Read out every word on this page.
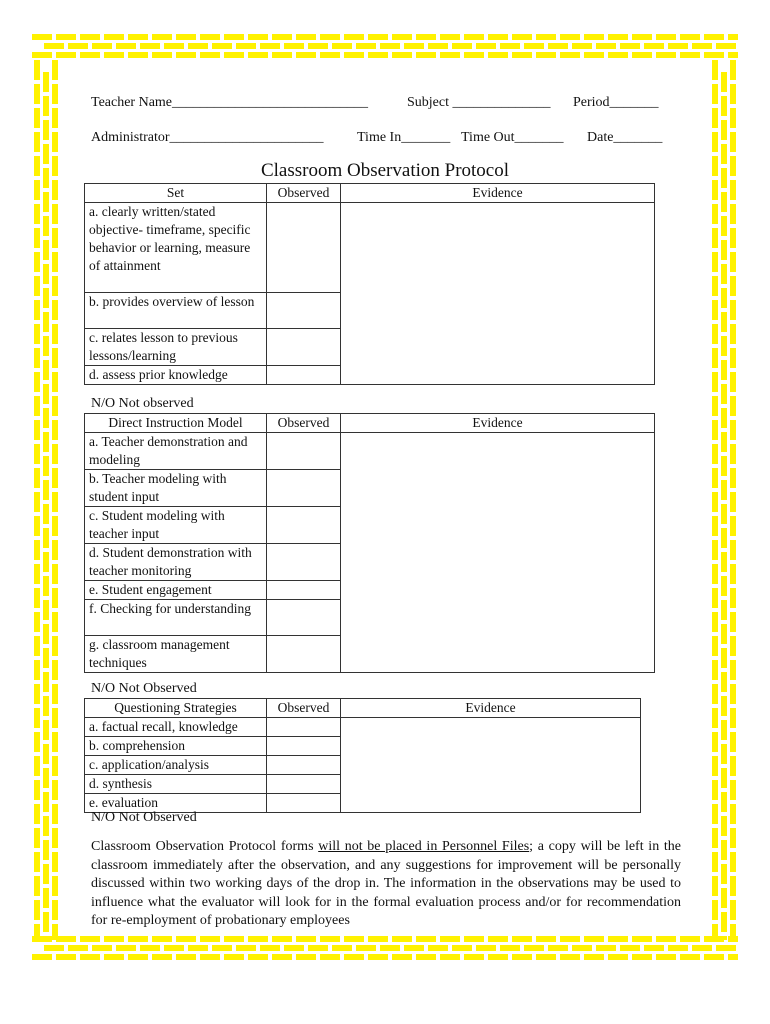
Teacher Name____________________________	Subject ______________ Period_______
Administrator______________________ Time In_______ Time Out_______ Date_______
Classroom Observation Protocol
Set	Observed	Evidence
a. clearly written/stated objective- timeframe, specific behavior or learning, measure of attainment		
b. provides overview of lesson		
c. relates lesson to previous lessons/learning		
d. assess prior knowledge		
N/O Not observed
Direct Instruction Model	Observed	Evidence
a. Teacher demonstration and modeling		
b. Teacher modeling with student input		
c. Student modeling with teacher input		
d. Student demonstration with teacher monitoring		
e. Student engagement		
f. Checking for understanding		
g. classroom management techniques		
N/O Not Observed
Questioning Strategies	Observed	Evidence
a. factual recall, knowledge		
b. comprehension		
c. application/analysis		
d. synthesis		
e. evaluation		
N/O Not Observed
Classroom Observation Protocol forms will not be placed in Personnel Files; a copy will be left in the classroom immediately after the observation, and any suggestions for improvement will be personally discussed within two working days of the drop in. The information in the observations may be used to influence what the evaluator will look for in the formal evaluation process and/or for recommendation for re-employment of probationary employees
